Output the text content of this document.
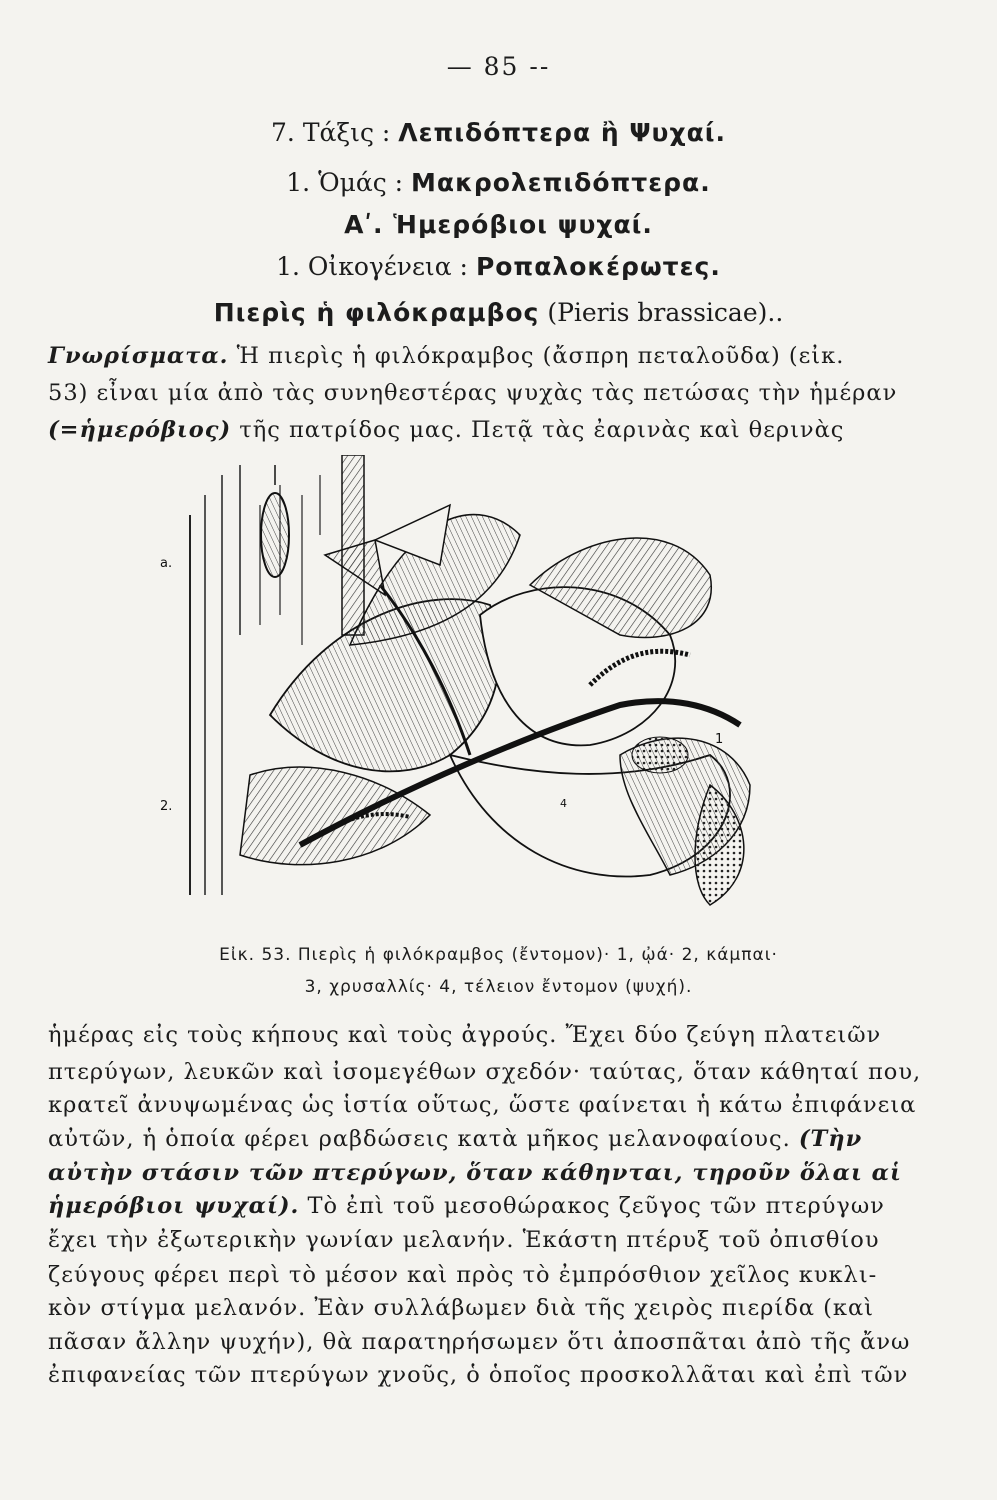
— 85 --
7. Τάξις : Λεπιδόπτερα ἢ Ψυχαί.
1. Ὁμάς : Μακρολεπιδόπτερα.
Αʹ. Ἡμερόβιοι ψυχαί.
1. Οἰκογένεια : Ροπαλοκέρωτες.
Πιερὶς ἡ φιλόκραμβος (Pieris brassicae)..
Γνωρίσματα. Ἡ πιερὶς ἡ φιλόκραμβος (ἄσπρη πεταλοῦδα) (εἰκ.
53) εἶναι μία ἀπὸ τὰς συνηθεστέρας ψυχὰς τὰς πετώσας τὴν ἡμέραν
(=ἡμερόβιος) τῆς πατρίδος μας. Πετᾷ τὰς ἐαρινὰς καὶ θερινὰς
a.
1
2.	4
Εἰκ. 53. Πιερὶς ἡ φιλόκραμβος (ἔντομον)· 1, ᾠά· 2, κάμπαι·
3, χρυσαλλίς· 4, τέλειον ἔντομον (ψυχή).
ἡμέρας εἰς τοὺς κήπους καὶ τοὺς ἀγρούς. Ἔχει δύο ζεύγη πλατειῶν
πτερύγων, λευκῶν καὶ ἰσομεγέθων σχεδόν· ταύτας, ὅταν κάθηταί που,
κρατεῖ ἀνυψωμένας ὡς ἱστία οὕτως, ὥστε φαίνεται ἡ κάτω ἐπιφάνεια
αὐτῶν, ἡ ὁποία φέρει ραβδώσεις κατὰ μῆκος μελανοφαίους. (Τὴν
αὐτὴν στάσιν τῶν πτερύγων, ὅταν κάθηνται, τηροῦν ὅλαι αἱ
ἡμερόβιοι ψυχαί). Τὸ ἐπὶ τοῦ μεσοθώρακος ζεῦγος τῶν πτερύγων
ἔχει τὴν ἐξωτερικὴν γωνίαν μελανήν. Ἑκάστη πτέρυξ τοῦ ὀπισθίου
ζεύγους φέρει περὶ τὸ μέσον καὶ πρὸς τὸ ἐμπρόσθιον χεῖλος κυκλι-
κὸν στίγμα μελανόν. Ἐὰν συλλάβωμεν διὰ τῆς χειρὸς πιερίδα (καὶ
πᾶσαν ἄλλην ψυχήν), θὰ παρατηρήσωμεν ὅτι ἀποσπᾶται ἀπὸ τῆς ἄνω
ἐπιφανείας τῶν πτερύγων χνοῦς, ὁ ὁποῖος προσκολλᾶται καὶ ἐπὶ τῶν
